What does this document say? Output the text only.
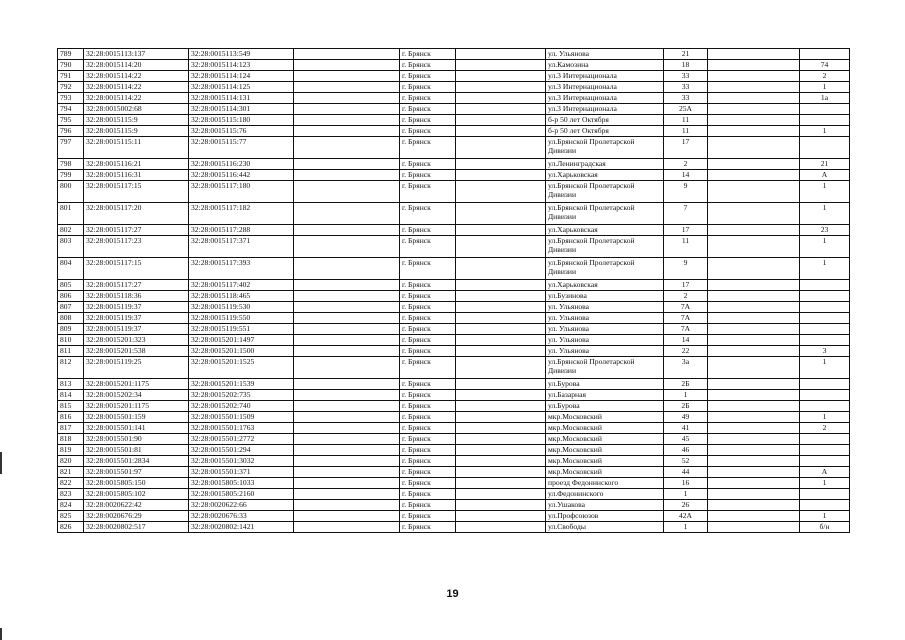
789	32:28:0015113:137	32:28:0015113:549		г. Брянск		ул. Ульянова	21		
790	32:28:0015114:20	32:28:0015114:123		г. Брянск		ул.Камозина	18		74
791	32:28:0015114:22	32:28:0015114:124		г. Брянск		ул.3 Интернационала	33		2
792	32:28:0015114:22	32:28:0015114:125		г. Брянск		ул.3 Интернационала	33		1
793	32:28:0015114:22	32:28:0015114:131		г. Брянск		ул.3 Интернационала	33		1а
794	32:28:0015002:68	32:28:0015114:301		г. Брянск		ул.3 Интернационала	25А		
795	32:28:0015115:9	32:28:0015115:180		г. Брянск		б-р 50 лет Октября	11		
796	32:28:0015115:9	32:28:0015115:76		г. Брянск		б-р 50 лет Октября	11		1
797	32:28:0015115:11	32:28:0015115:77		г. Брянск		ул.Брянской Пролетарской Дивизии	17		
798	32:28:0015116:21	32:28:0015116:230		г. Брянск		ул.Ленинградская	2		21
799	32:28:0015116:31	32:28:0015116:442		г. Брянск		ул.Харьковская	14		А
800	32:28:0015117:15	32:28:0015117:180		г. Брянск		ул.Брянской Пролетарской Дивизии	9		1
801	32:28:0015117:20	32:28:0015117:182		г. Брянск		ул.Брянской Пролетарской Дивизии	7		1
802	32:28:0015117:27	32:28:0015117:288		г. Брянск		ул.Харьковская	17		23
803	32:28:0015117:23	32:28:0015117:371		г. Брянск		ул.Брянской Пролетарской Дивизии	11		1
804	32:28:0015117:15	32:28:0015117:393		г. Брянск		ул.Брянской Пролетарской Дивизии	9		1
805	32:28:0015117:27	32:28:0015117:402		г. Брянск		ул.Харьковская	17		
806	32:28:0015118:36	32:28:0015118:465		г. Брянск		ул.Бузинова	2		
807	32:28:0015119:37	32:28:0015119:530		г. Брянск		ул. Ульянова	7А		
808	32:28:0015119:37	32:28:0015119:550		г. Брянск		ул. Ульянова	7А		
809	32:28:0015119:37	32:28:0015119:551		г. Брянск		ул. Ульянова	7А		
810	32:28:0015201:323	32:28:0015201:1497		г. Брянск		ул. Ульянова	14		
811	32:28:0015201:538	32:28:0015201:1500		г. Брянск		ул. Ульянова	22		3
812	32:28:0015119:25	32:28:0015201:1525		г. Брянск		ул.Брянской Пролетарской Дивизии	3а		1
813	32:28:0015201:1175	32:28:0015201:1539		г. Брянск		ул.Бурова	2Б		
814	32:28:0015202:34	32:28:0015202:735		г. Брянск		ул.Базарная	1		
815	32:28:0015201:1175	32:28:0015202:740		г. Брянск		ул.Бурова	2Б		
816	32:28:0015501:159	32:28:0015501:1509		г. Брянск		мкр.Московский	49		1
817	32:28:0015501:141	32:28:0015501:1763		г. Брянск		мкр.Московский	41		2
818	32:28:0015501:90	32:28:0015501:2772		г. Брянск		мкр.Московский	45		
819	32:28:0015501:81	32:28:0015501:294		г. Брянск		мкр.Московский	46		
820	32:28:0015501:2834	32:28:0015501:3032		г. Брянск		мкр.Московский	52		
821	32:28:0015501:97	32:28:0015501:371		г. Брянск		мкр.Московский	44		А
822	32:28:0015805:150	32:28:0015805:1033		г. Брянск		проезд Федонинского	16		1
823	32:28:0015805:102	32:28:0015805:2160		г. Брянск		ул.Федонинского	1		
824	32:28:0020622:42	32:28:0020622:66		г. Брянск		ул.Ушакова	26		
825	32:28:0020676:29	32:28:0020676:33		г. Брянск		ул.Профсоюзов	42А		1
826	32:28:0020802:517	32:28:0020802:1421		г. Брянск		ул.Свободы	1		б/н
19
